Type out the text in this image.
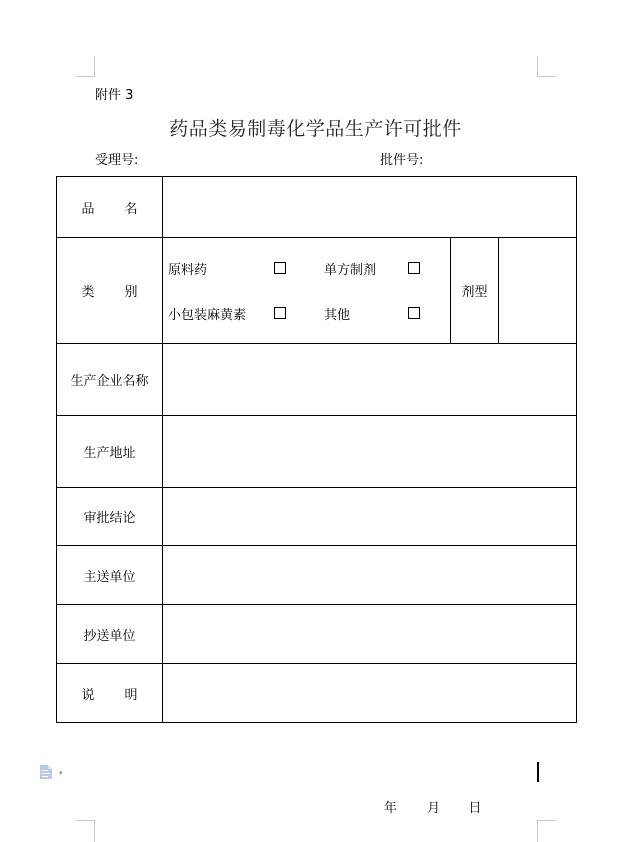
附件 3
药品类易制毒化学品生产许可批件
受理号:	批件号:
品 名			
类 别	原料药 单方制剂
小包装麻黄素 其他	剂型	
生产企业名称			
生产地址			
审批结论			
主送单位			
抄送单位			
说 明			
▾
年 月 日
